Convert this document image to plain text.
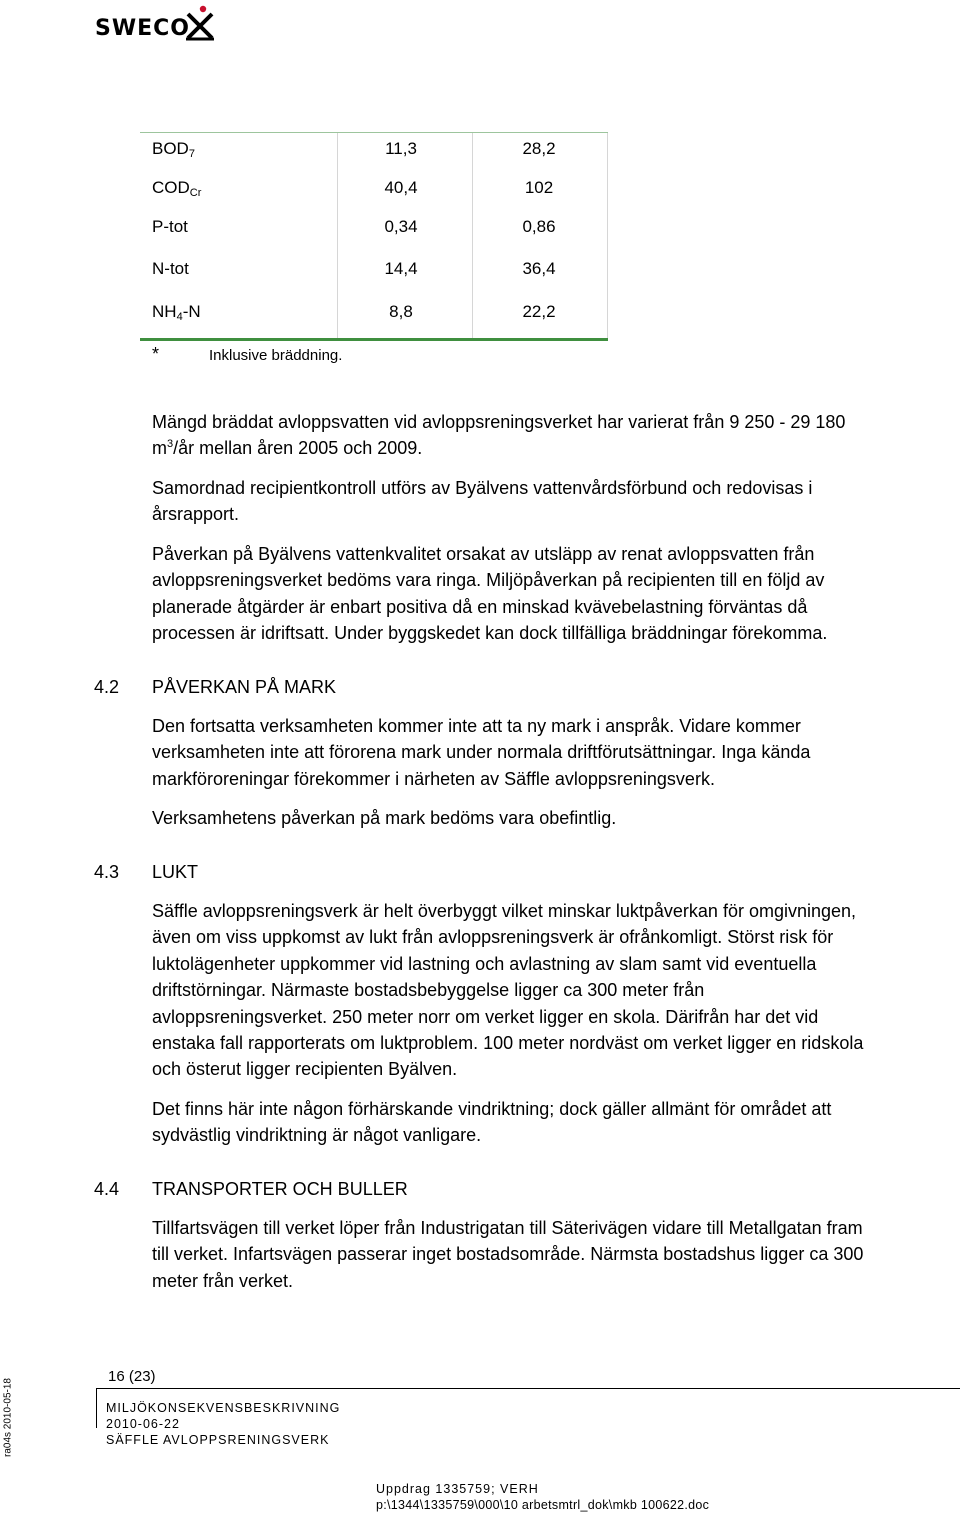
SWECO
$BOD_7$	11,3	28,2
$COD_{Cr}$	40,4	102
P-tot	0,34	0,86
N-tot	14,4	36,4
$NH_4-N$	8,8	22,2
*	Inklusive bräddning.
Mängd bräddat avloppsvatten vid avloppsreningsverket har varierat från 9 250 - 29 180
$m^3/år$ mellan åren 2005 och 2009.
Samordnad recipientkontroll utförs av Byälvens vattenvårdsförbund och redovisas i
årsrapport.
Påverkan på Byälvens vattenkvalitet orsakat av utsläpp av renat avloppsvatten från
avloppsreningsverket bedöms vara ringa. Miljöpåverkan på recipienten till en följd av
planerade åtgärder är enbart positiva då en minskad kvävebelastning förväntas då
processen är idriftsatt. Under byggskedet kan dock tillfälliga bräddningar förekomma.
4.2 PÅVERKAN PÅ MARK
Den fortsatta verksamheten kommer inte att ta ny mark i anspråk. Vidare kommer
verksamheten inte att förorena mark under normala driftförutsättningar. Inga kända
markföroreningar förekommer i närheten av Säffle avloppsreningsverk.
Verksamhetens påverkan på mark bedöms vara obefintlig.
4.3 LUKT
Säffle avloppsreningsverk är helt överbyggt vilket minskar luktpåverkan för omgivningen,
även om viss uppkomst av lukt från avloppsreningsverk är ofrånkomligt. Störst risk för
luktolägenheter uppkommer vid lastning och avlastning av slam samt vid eventuella
driftstörningar. Närmaste bostadsbebyggelse ligger ca 300 meter från
avloppsreningsverket. 250 meter norr om verket ligger en skola. Därifrån har det vid
enstaka fall rapporterats om luktproblem. 100 meter nordväst om verket ligger en ridskola
och österut ligger recipienten Byälven.
Det finns här inte någon förhärskande vindriktning; dock gäller allmänt för området att
sydvästlig vindriktning är något vanligare.
4.4 TRANSPORTER OCH BULLER
Tillfartsvägen till verket löper från Industrigatan till Säterivägen vidare till Metallgatan fram
till verket. Infartsvägen passerar inget bostadsområde. Närmsta bostadshus ligger ca 300
meter från verket.
16 (23)
MILJÖKONSEKVENSBESKRIVNING
2010-06-22
SÄFFLE AVLOPPSRENINGSVERK
Uppdrag 1335759; VERH
p:\1344\1335759\000\10 arbetsmtrl_dok\mkb 100622.doc
ra04s 2010-05-18
